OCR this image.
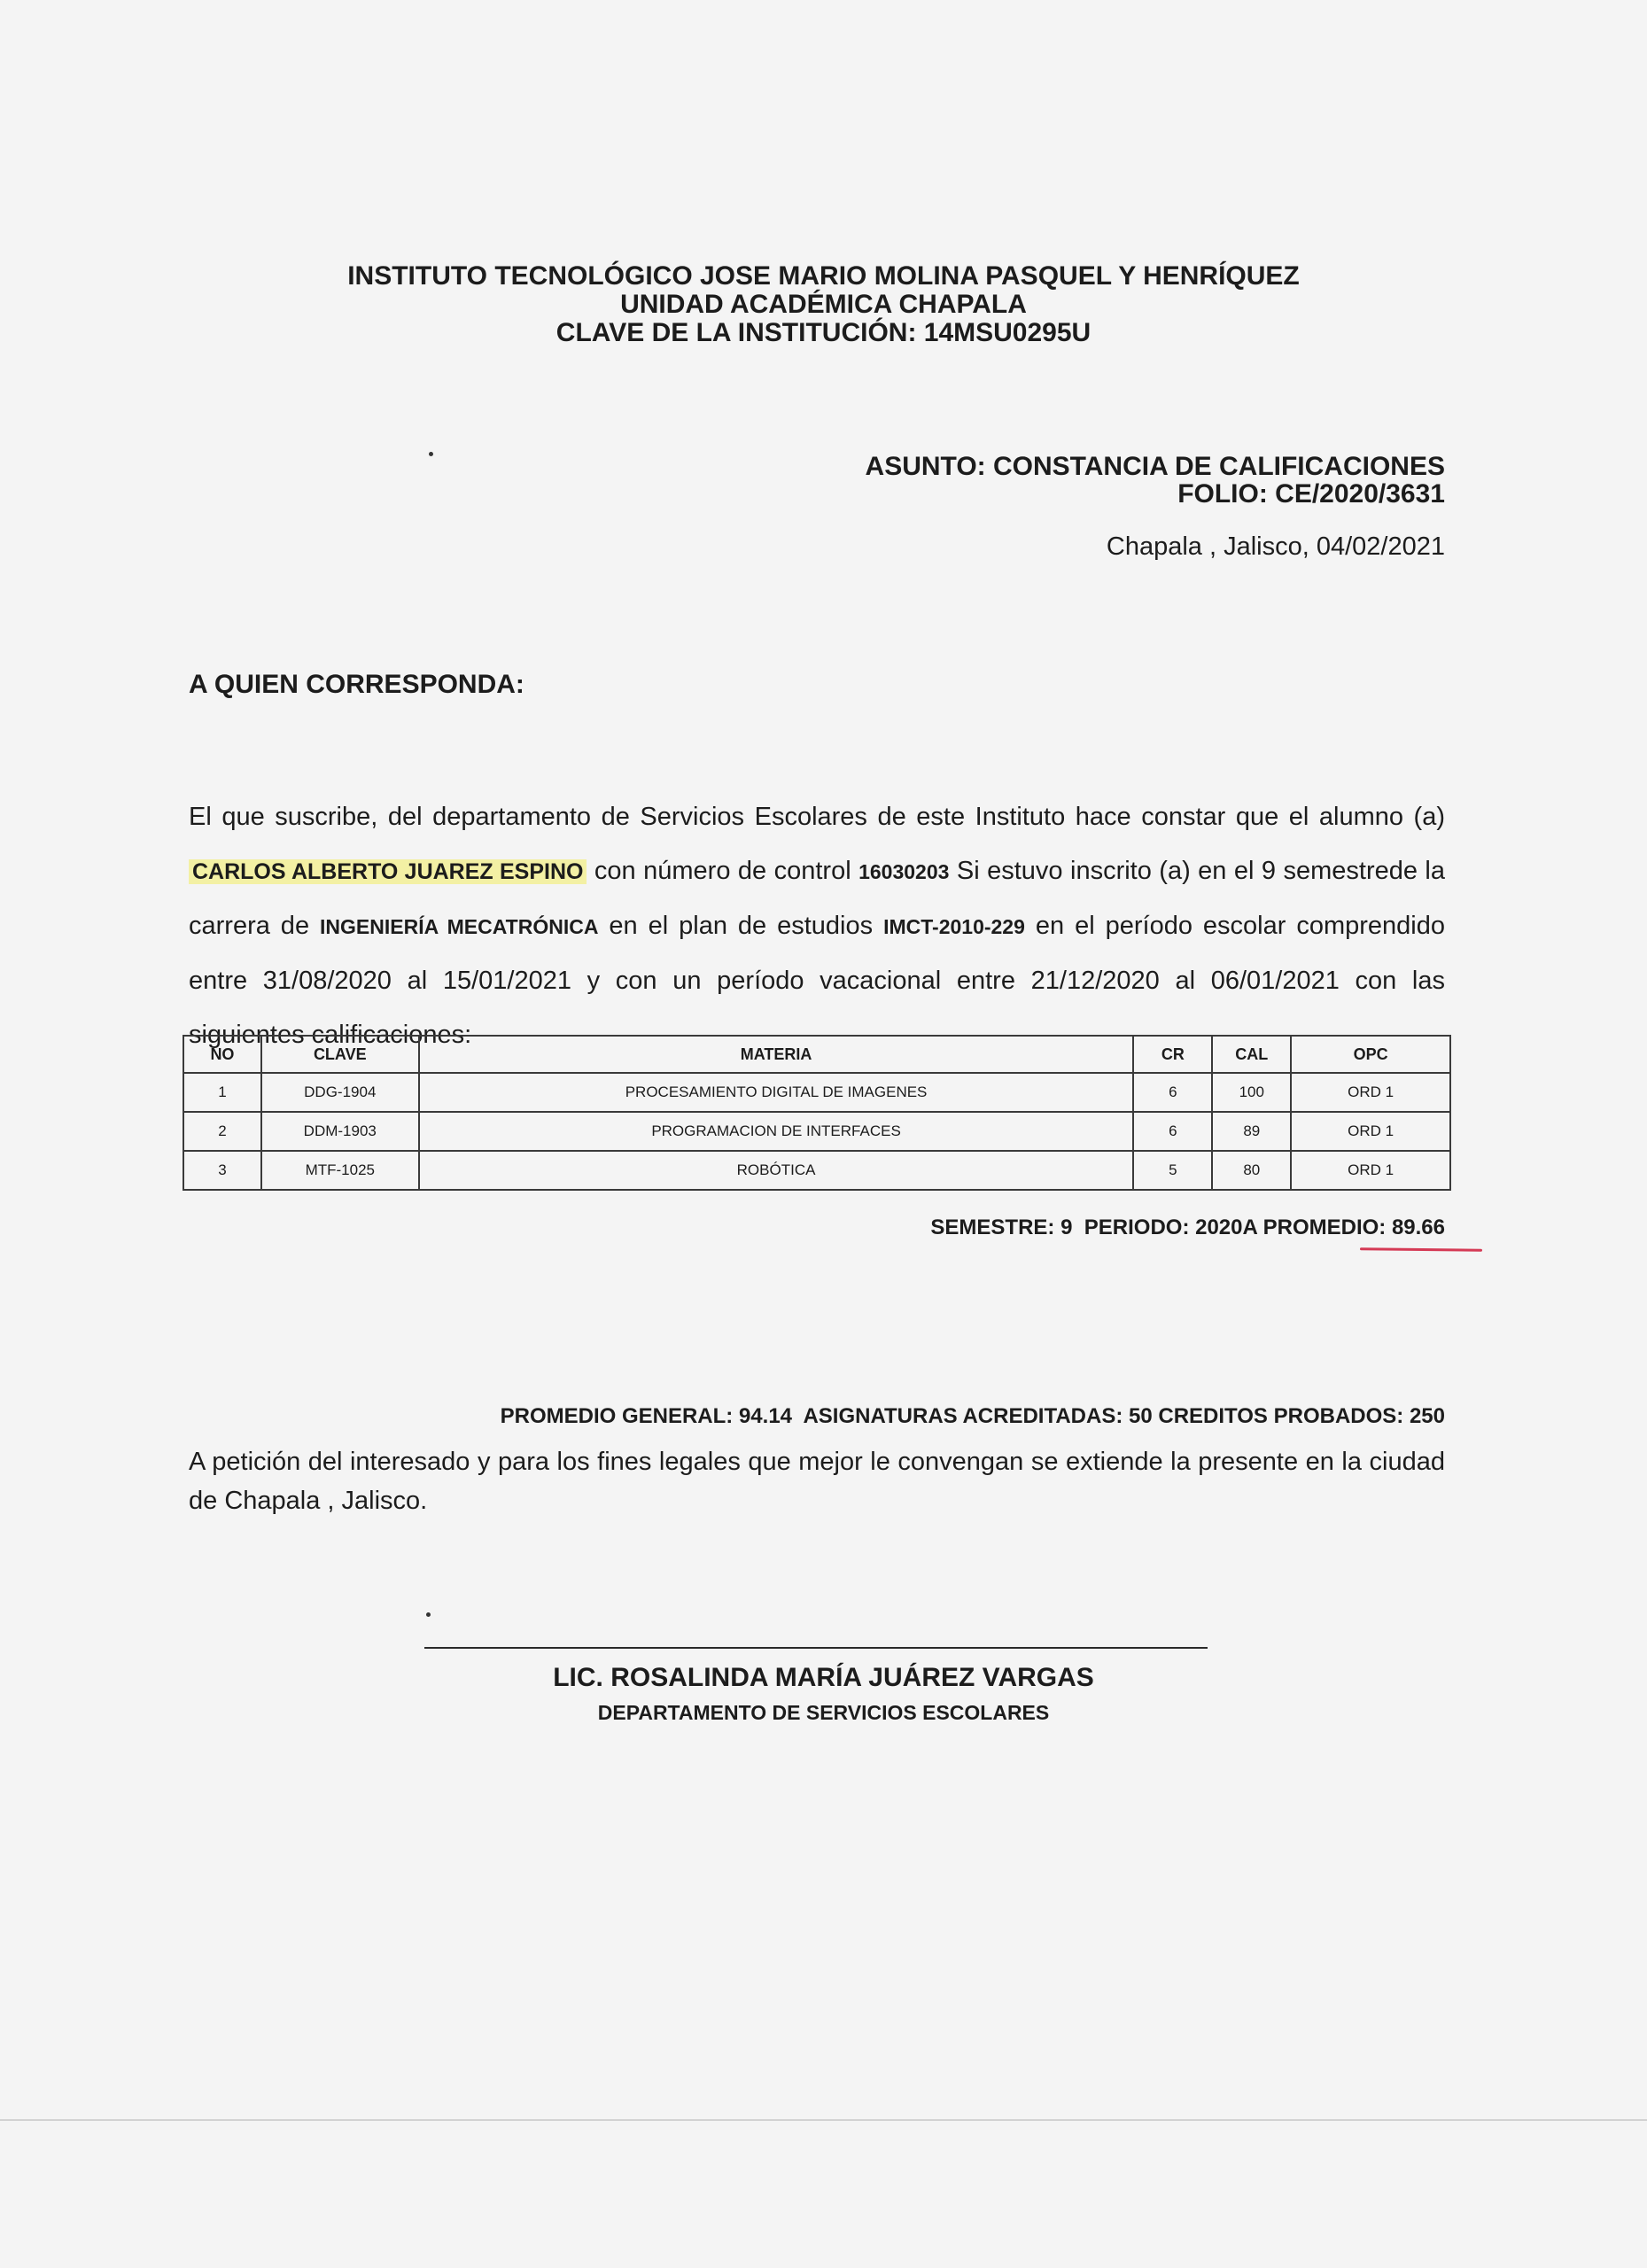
INSTITUTO TECNOLÓGICO JOSE MARIO MOLINA PASQUEL Y HENRÍQUEZ
UNIDAD ACADÉMICA CHAPALA
CLAVE DE LA INSTITUCIÓN: 14MSU0295U
ASUNTO: CONSTANCIA DE CALIFICACIONES
FOLIO: CE/2020/3631
Chapala , Jalisco, 04/02/2021
A QUIEN CORRESPONDA:
El que suscribe, del departamento de Servicios Escolares de este Instituto hace constar que el alumno (a) CARLOS ALBERTO JUAREZ ESPINO con número de control 16030203 Si estuvo inscrito (a) en el 9 semestrede la carrera de INGENIERÍA MECATRÓNICA en el plan de estudios IMCT-2010-229 en el período escolar comprendido entre 31/08/2020 al 15/01/2021 y con un período vacacional entre 21/12/2020 al 06/01/2021 con las siguientes calificaciones:
NO	CLAVE	MATERIA	CR	CAL	OPC
1	DDG-1904	PROCESAMIENTO DIGITAL DE IMAGENES	6	100	ORD 1
2	DDM-1903	PROGRAMACION DE INTERFACES	6	89	ORD 1
3	MTF-1025	ROBÓTICA	5	80	ORD 1
SEMESTRE: 9  PERIODO: 2020A PROMEDIO: 89.66
PROMEDIO GENERAL: 94.14  ASIGNATURAS ACREDITADAS: 50 CREDITOS PROBADOS: 250
A petición del interesado y para los fines legales que mejor le convengan se extiende la presente en la ciudad de Chapala , Jalisco.
LIC. ROSALINDA MARÍA JUÁREZ VARGAS
DEPARTAMENTO DE SERVICIOS ESCOLARES
